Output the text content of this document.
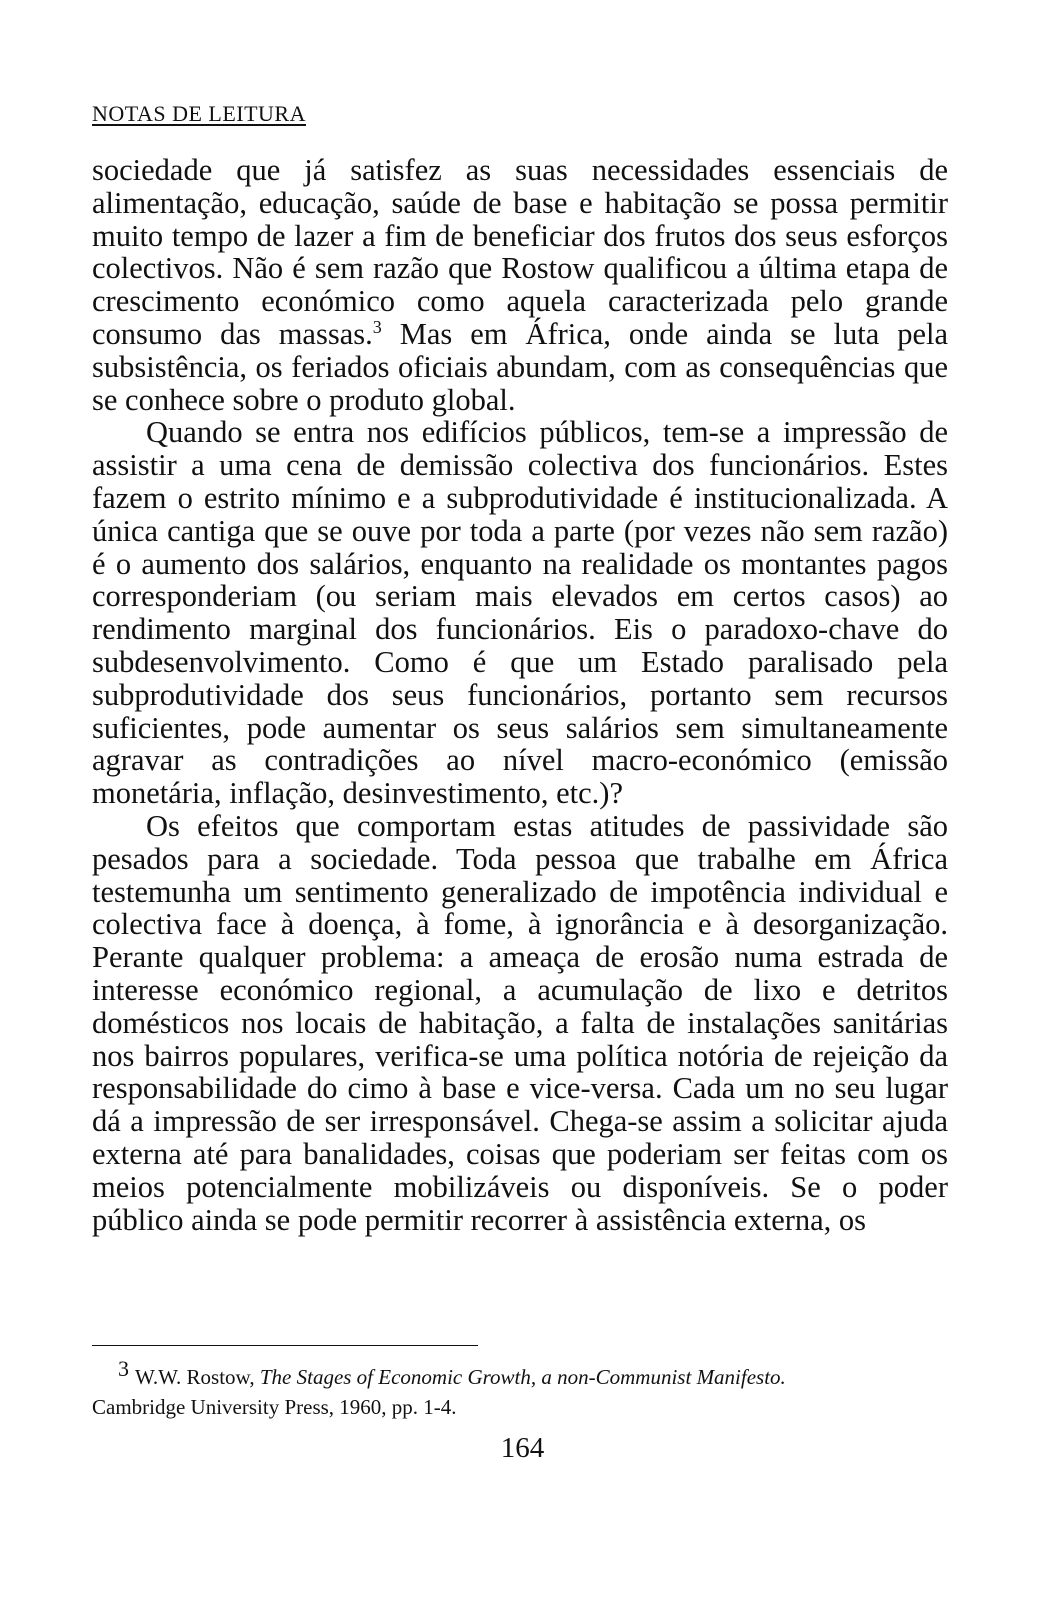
NOTAS DE LEITURA

sociedade que já satisfez as suas necessidades essenciais de alimentação, educação, saúde de base e habitação se possa permitir muito tempo de lazer a fim de beneficiar dos frutos dos seus esforços colectivos. Não é sem razão que Rostow qualificou a última etapa de crescimento económico como aquela caracterizada pelo grande consumo das massas.$^3$ Mas em África, onde ainda se luta pela subsistência, os feriados oficiais abundam, com as consequências que se conhece sobre o produto global.

Quando se entra nos edifícios públicos, tem-se a impressão de assistir a uma cena de demissão colectiva dos funcionários. Estes fazem o estrito mínimo e a subprodutividade é institucionalizada. A única cantiga que se ouve por toda a parte (por vezes não sem razão) é o aumento dos salários, enquanto na realidade os montantes pagos corresponderiam (ou seriam mais elevados em certos casos) ao rendimento marginal dos funcionários. Eis o paradoxo-chave do subdesenvolvimento. Como é que um Estado paralisado pela subprodutividade dos seus funcionários, portanto sem recursos suficientes, pode aumentar os seus salários sem simultaneamente agravar as contradições ao nível macro-económico (emissão monetária, inflação, desinvestimento, etc.)?

Os efeitos que comportam estas atitudes de passividade são pesados para a sociedade. Toda pessoa que trabalhe em África testemunha um sentimento generalizado de impotência individual e colectiva face à doença, à fome, à ignorância e à desorganização. Perante qualquer problema: a ameaça de erosão numa estrada de interesse económico regional, a acumulação de lixo e detritos domésticos nos locais de habitação, a falta de instalações sanitárias nos bairros populares, verifica-se uma política notória de rejeição da responsabilidade do cimo à base e vice-versa. Cada um no seu lugar dá a impressão de ser irresponsável. Chega-se assim a solicitar ajuda externa até para banalidades, coisas que poderiam ser feitas com os meios potencialmente mobilizáveis ou disponíveis. Se o poder público ainda se pode permitir recorrer à assistência externa, os

3 W.W. Rostow, The Stages of Economic Growth, a non-Communist Manifesto.
Cambridge University Press, 1960, pp. 1-4.
164
